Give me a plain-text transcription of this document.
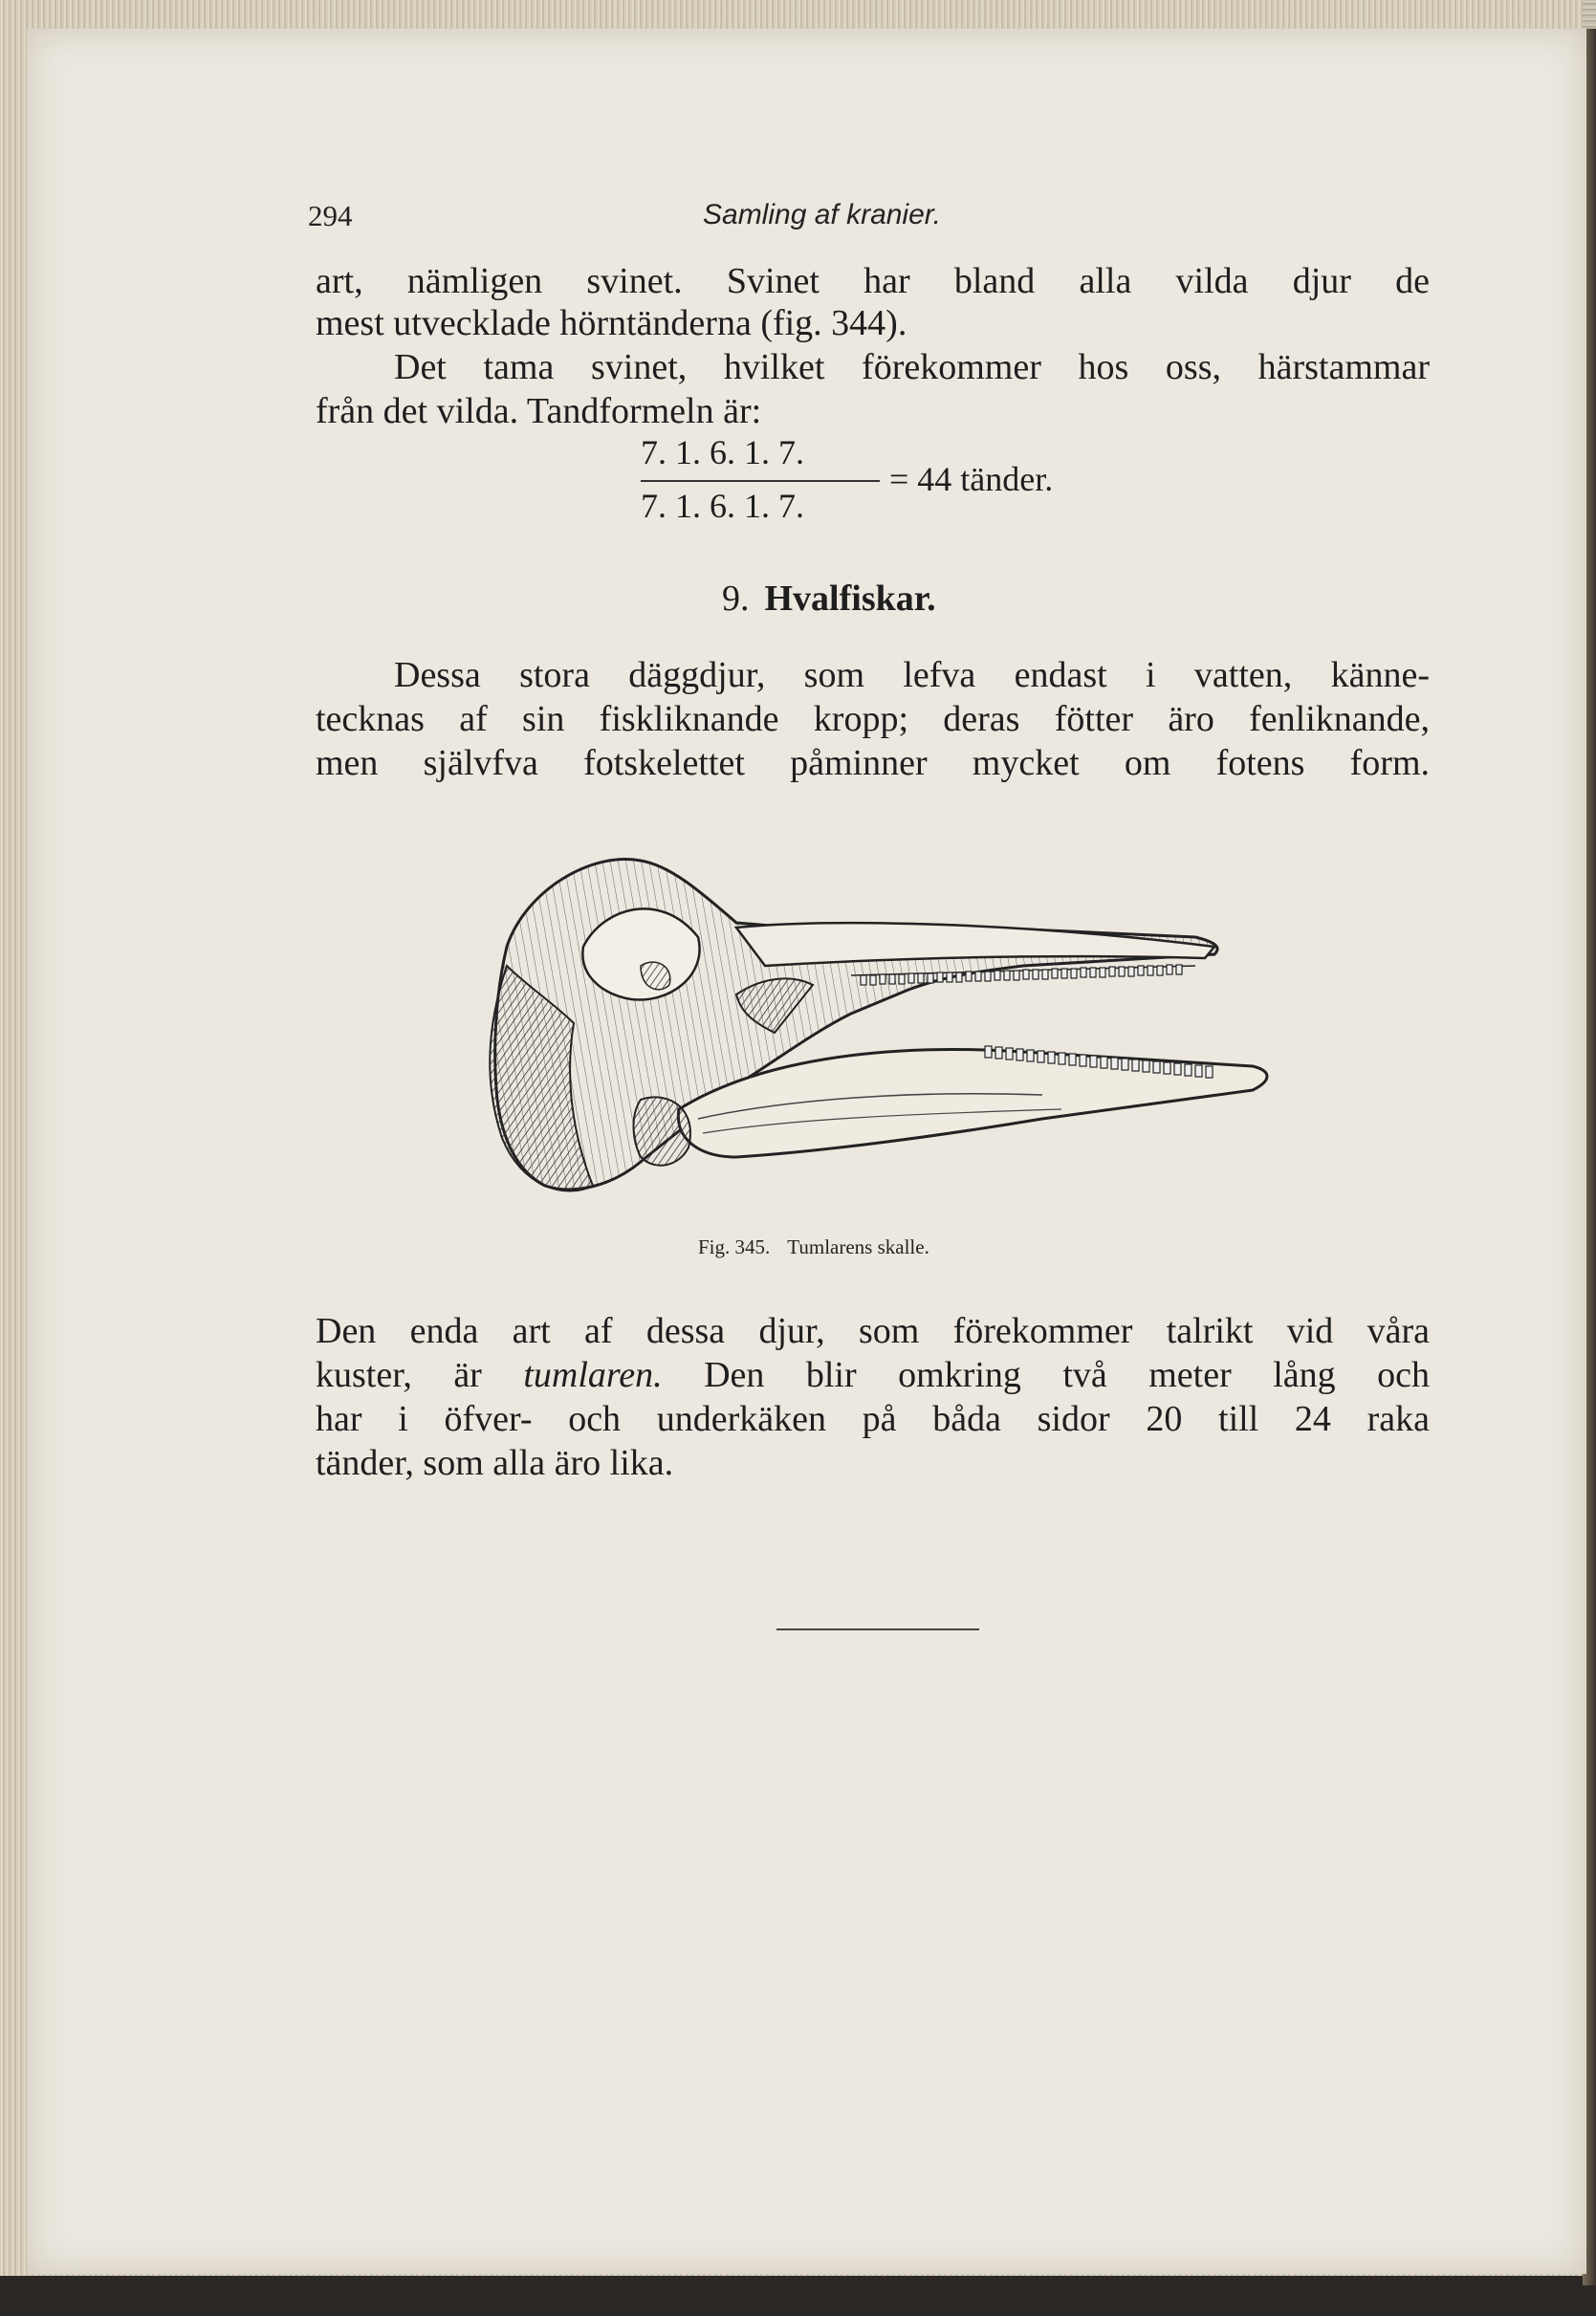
294	Samling af kranier.
art, nämligen svinet. Svinet har bland alla vilda djur de
mest utvecklade hörntänderna (fig. 344).
Det tama svinet, hvilket förekommer hos oss, härstammar
från det vilda. Tandformeln är:
7. 1. 6. 1. 7.
7. 1. 6. 1. 7.
= 44 tänder.
9. Hvalfiskar.
Dessa stora däggdjur, som lefva endast i vatten, känne-
tecknas af sin fiskliknande kropp; deras fötter äro fenliknande,
men självfva fotskelettet påminner mycket om fotens form.
Fig. 345. Tumlarens skalle.
Den enda art af dessa djur, som förekommer talrikt vid våra
kuster, är tumlaren. Den blir omkring två meter lång och
har i öfver- och underkäken på båda sidor 20 till 24 raka
tänder, som alla äro lika.
